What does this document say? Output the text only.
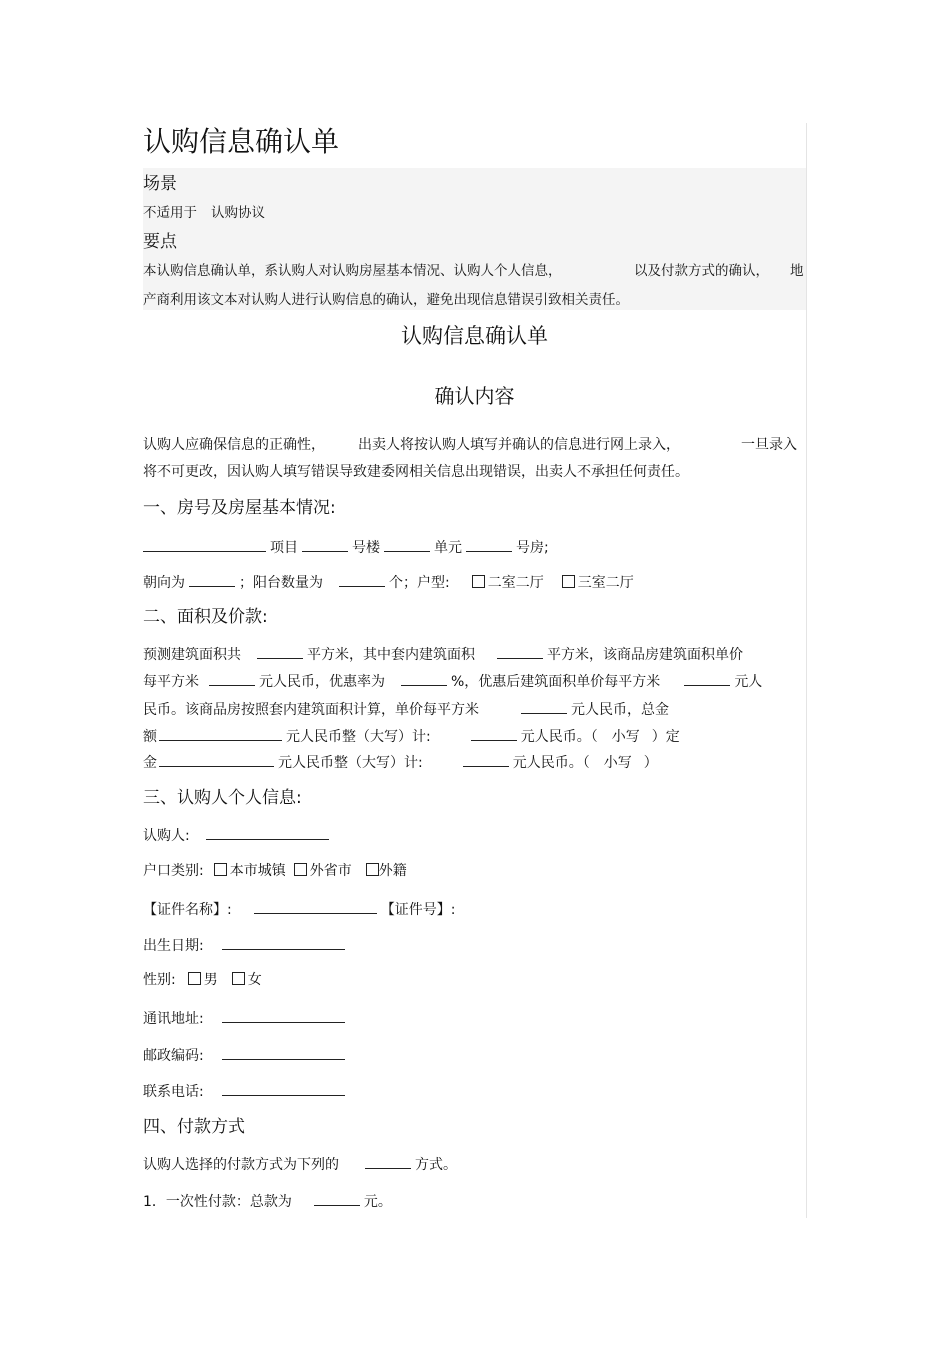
认购信息确认单
场景
不适用于 认购协议
要点
本认购信息确认单，系认购人对认购房屋基本情况、认购人个人信息，	以及付款方式的确认， 地
产商利用该文本对认购人进行认购信息的确认，避免出现信息错误引致相关责任。
认购信息确认单
确认内容
认购人应确保信息的正确性， 出卖人将按认购人填写并确认的信息进行网上录入，	一旦录入
将不可更改，因认购人填写错误导致建委网相关信息出现错误，出卖人不承担任何责任。
一、房号及房屋基本情况:
项目	号楼	单元	号房;
朝向为	；阳台数量为	个；户型:	二室二厅 三室二厅
二、面积及价款:
预测建筑面积共	平方米，其中套内建筑面积	平方米，该商品房建筑面积单价
每平方米	元人民币，优惠率为	%，优惠后建筑面积单价每平方米	元人
民币。该商品房按照套内建筑面积计算，单价每平方米	元人民币，总金
额	元人民币整（大写）计:	元人民币。（ 小写 ）定
金	元人民币整（大写）计:	元人民币。（ 小写 ）
三、认购人个人信息:
认购人:
户口类别: 本市城镇 外省市 外籍
【证件名称】:	【证件号】:
出生日期:
性别: 男 女
通讯地址:
邮政编码:
联系电话:
四、付款方式
认购人选择的付款方式为下列的	方式。
1．一次性付款：总款为	元。
